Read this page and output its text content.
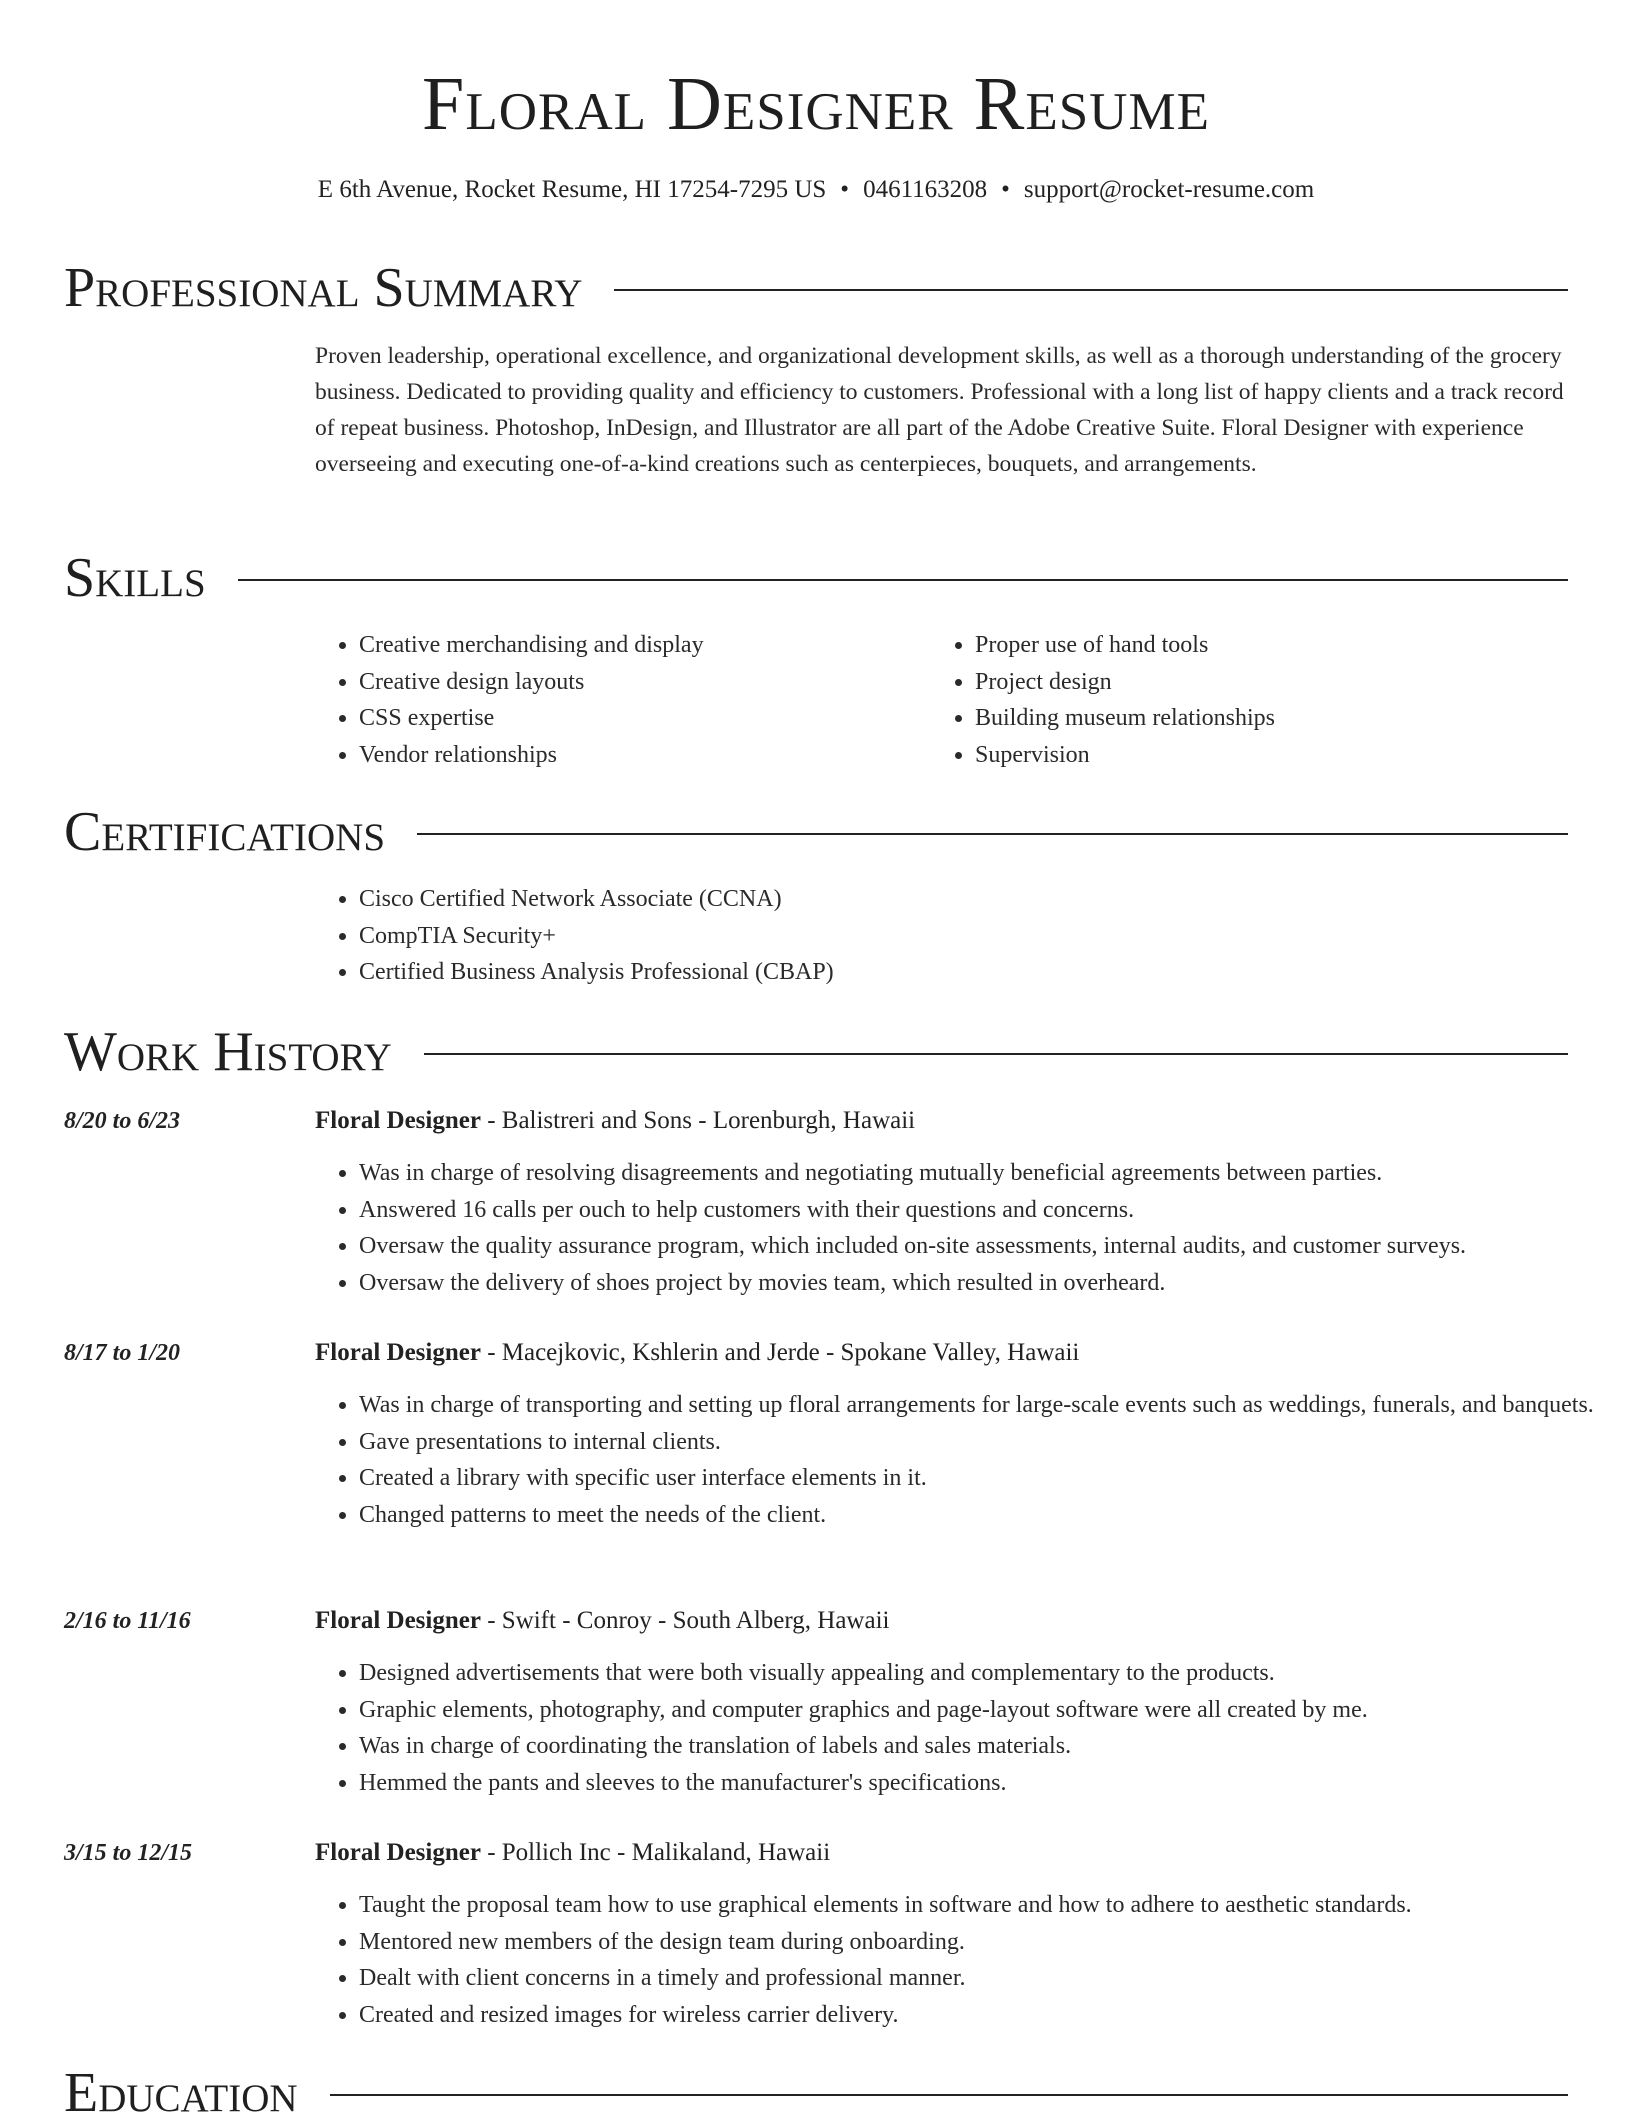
Floral Designer Resume
E 6th Avenue, Rocket Resume, HI 17254-7295 US • 0461163208 • support@rocket-resume.com
Professional Summary

Proven leadership, operational excellence, and organizational development skills, as well as a thorough understanding of the grocery business. Dedicated to providing quality and efficiency to customers. Professional with a long list of happy clients and a track record of repeat business. Photoshop, InDesign, and Illustrator are all part of the Adobe Creative Suite. Floral Designer with experience overseeing and executing one-of-a-kind creations such as centerpieces, bouquets, and arrangements.

Skills
• Creative merchandising and display
• Creative design layouts
• CSS expertise
• Vendor relationships
• Proper use of hand tools
• Project design
• Building museum relationships
• Supervision
Certifications
• Cisco Certified Network Associate (CCNA)
• CompTIA Security+
• Certified Business Analysis Professional (CBAP)
Work History
8/20 to 6/23	Floral Designer - Balistreri and Sons - Lorenburgh, Hawaii
• Was in charge of resolving disagreements and negotiating mutually beneficial agreements between parties.
• Answered 16 calls per ouch to help customers with their questions and concerns.
• Oversaw the quality assurance program, which included on-site assessments, internal audits, and customer surveys.
• Oversaw the delivery of shoes project by movies team, which resulted in overheard.
8/17 to 1/20	Floral Designer - Macejkovic, Kshlerin and Jerde - Spokane Valley, Hawaii
• Was in charge of transporting and setting up floral arrangements for large-scale events such as weddings, funerals, and banquets.
• Gave presentations to internal clients.
• Created a library with specific user interface elements in it.
• Changed patterns to meet the needs of the client.
2/16 to 11/16	Floral Designer - Swift - Conroy - South Alberg, Hawaii
• Designed advertisements that were both visually appealing and complementary to the products.
• Graphic elements, photography, and computer graphics and page-layout software were all created by me.
• Was in charge of coordinating the translation of labels and sales materials.
• Hemmed the pants and sleeves to the manufacturer's specifications.
3/15 to 12/15	Floral Designer - Pollich Inc - Malikaland, Hawaii
• Taught the proposal team how to use graphical elements in software and how to adhere to aesthetic standards.
• Mentored new members of the design team during onboarding.
• Dealt with client concerns in a timely and professional manner.
• Created and resized images for wireless carrier delivery.
Education
